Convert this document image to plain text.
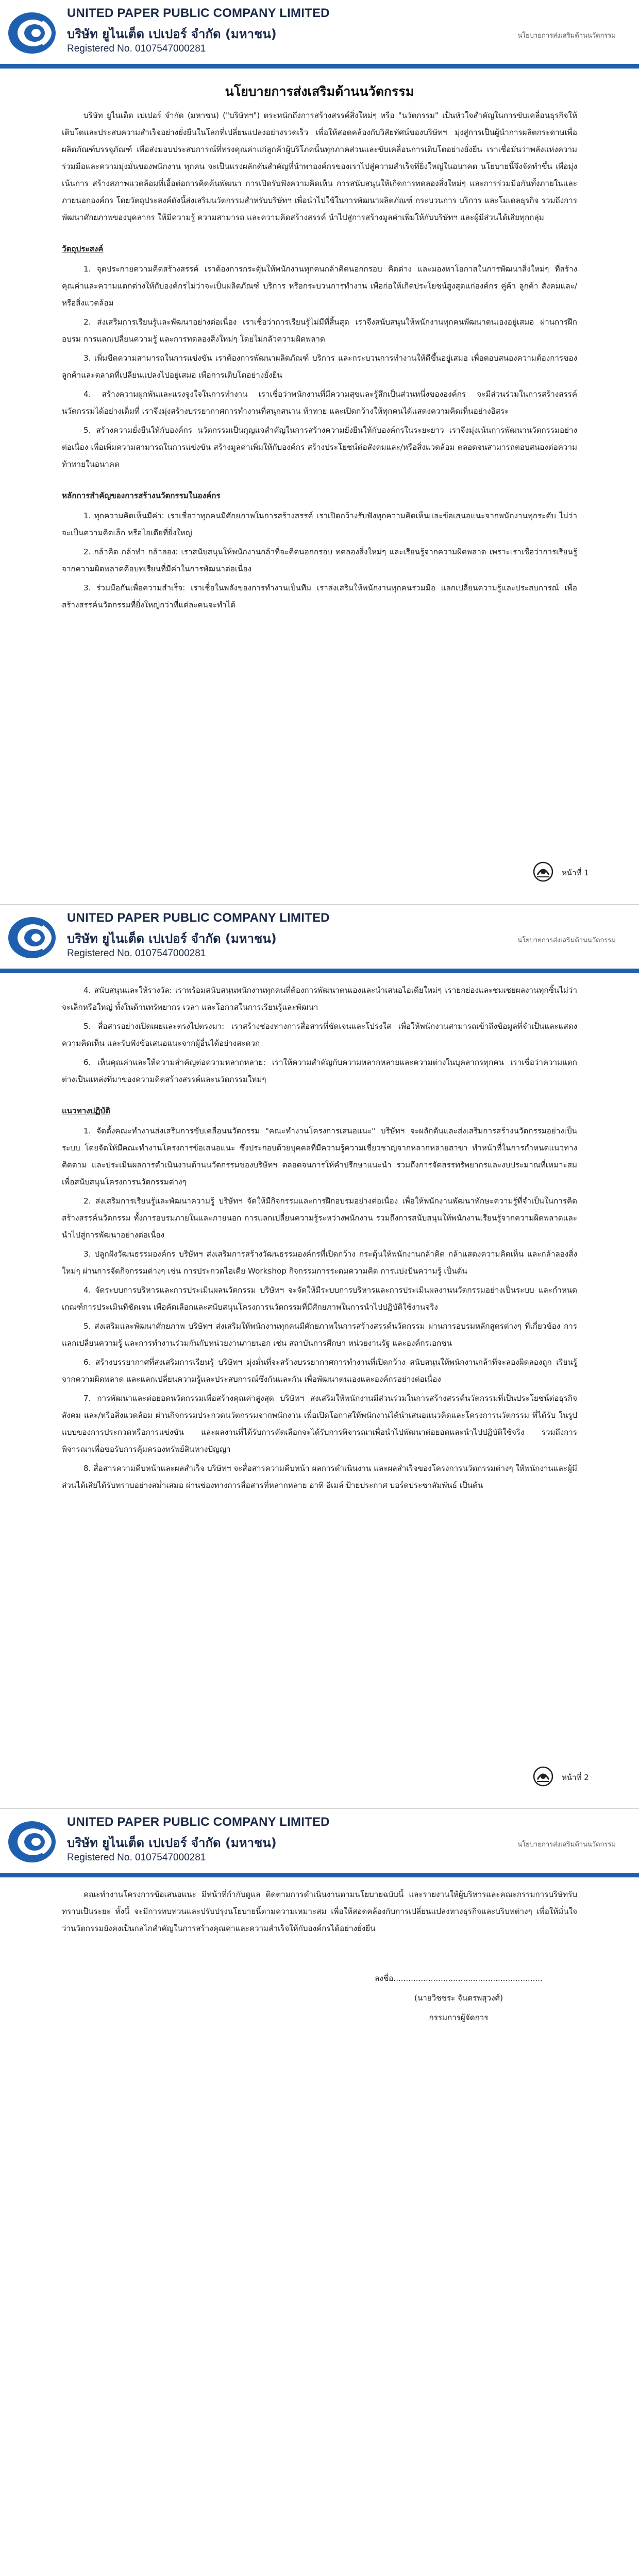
UNITED PAPER PUBLIC COMPANY LIMITED
บริษัท ยูไนเต็ด เปเปอร์ จำกัด (มหาชน)
Registered No. 0107547000281
นโยบายการส่งเสริมด้านนวัตกรรม
นโยบายการส่งเสริมด้านนวัตกรรม

บริษัท ยูไนเต็ด เปเปอร์ จำกัด (มหาชน) ("บริษัทฯ") ตระหนักถึงการสร้างสรรค์สิ่งใหม่ๆ หรือ "นวัตกรรม" เป็นหัวใจสำคัญในการขับเคลื่อนธุรกิจให้เติบโตและประสบความสำเร็จอย่างยั่งยืนในโลกที่เปลี่ยนแปลงอย่างรวดเร็ว เพื่อให้สอดคล้องกับวิสัยทัศน์ของบริษัทฯ มุ่งสู่การเป็นผู้นำการผลิตกระดาษเพื่อผลิตภัณฑ์บรรจุภัณฑ์ เพื่อส่งมอบประสบการณ์ที่ทรงคุณค่าแก่ลูกค้าผู้บริโภคนั้นทุกภาคส่วนและขับเคลื่อนการเติบโตอย่างยั่งยืน เราเชื่อมั่นว่าพลังแห่งความร่วมมือและความมุ่งมั่นของพนักงาน ทุกคน จะเป็นแรงผลักดันสำคัญที่นำพาองค์กรของเราไปสู่ความสำเร็จที่ยิ่งใหญ่ในอนาคต นโยบายนี้จึงจัดทำขึ้น เพื่อมุ่งเน้นการ สร้างสภาพแวดล้อมที่เอื้อต่อการคิดค้นพัฒนา การเปิดรับฟังความคิดเห็น การสนับสนุนให้เกิดการทดลองสิ่งใหม่ๆ และการร่วมมือกันทั้งภายในและภายนอกองค์กร โดยวัตถุประสงค์ดังนี้ส่งเสริมนวัตกรรมสำหรับบริษัทฯ เพื่อนำไปใช้ในการพัฒนาผลิตภัณฑ์ กระบวนการ บริการ และโมเดลธุรกิจ รวมถึงการพัฒนาศักยภาพของบุคลากร ให้มีความรู้ ความสามารถ และความคิดสร้างสรรค์ นำไปสู่การสร้างมูลค่าเพิ่มให้กับบริษัทฯ และผู้มีส่วนได้เสียทุกกลุ่ม

วัตถุประสงค์

1. จุดประกายความคิดสร้างสรรค์ เราต้องการกระตุ้นให้พนักงานทุกคนกล้าคิดนอกกรอบ คิดต่าง และมองหาโอกาสในการพัฒนาสิ่งใหม่ๆ ที่สร้างคุณค่าและความแตกต่างให้กับองค์กรไม่ว่าจะเป็นผลิตภัณฑ์ บริการ หรือกระบวนการทำงาน เพื่อก่อให้เกิดประโยชน์สูงสุดแก่องค์กร คู่ค้า ลูกค้า สังคมและ/หรือสิ่งแวดล้อม

2. ส่งเสริมการเรียนรู้และพัฒนาอย่างต่อเนื่อง เราเชื่อว่าการเรียนรู้ไม่มีที่สิ้นสุด เราจึงสนับสนุนให้พนักงานทุกคนพัฒนาตนเองอยู่เสมอ ผ่านการฝึกอบรม การแลกเปลี่ยนความรู้ และการทดลองสิ่งใหม่ๆ โดยไม่กลัวความผิดพลาด

3. เพิ่มขีดความสามารถในการแข่งขัน เราต้องการพัฒนาผลิตภัณฑ์ บริการ และกระบวนการทำงานให้ดีขึ้นอยู่เสมอ เพื่อตอบสนองความต้องการของลูกค้าและตลาดที่เปลี่ยนแปลงไปอยู่เสมอ เพื่อการเติบโตอย่างยั่งยืน

4. สร้างความผูกพันและแรงจูงใจในการทำงาน เราเชื่อว่าพนักงานที่มีความสุขและรู้สึกเป็นส่วนหนึ่งขององค์กร จะมีส่วนร่วมในการสร้างสรรค์นวัตกรรมได้อย่างเต็มที่ เราจึงมุ่งสร้างบรรยากาศการทำงานที่สนุกสนาน ท้าทาย และเปิดกว้างให้ทุกคนได้แสดงความคิดเห็นอย่างอิสระ

5. สร้างความยั่งยืนให้กับองค์กร นวัตกรรมเป็นกุญแจสำคัญในการสร้างความยั่งยืนให้กับองค์กรในระยะยาว เราจึงมุ่งเน้นการพัฒนานวัตกรรมอย่างต่อเนื่อง เพื่อเพิ่มความสามารถในการแข่งขัน สร้างมูลค่าเพิ่มให้กับองค์กร สร้างประโยชน์ต่อสังคมและ/หรือสิ่งแวดล้อม ตลอดจนสามารถตอบสนองต่อความท้าทายในอนาคต

หลักการสำคัญของการสร้างนวัตกรรมในองค์กร

1. ทุกความคิดเห็นมีค่า: เราเชื่อว่าทุกคนมีศักยภาพในการสร้างสรรค์ เราเปิดกว้างรับฟังทุกความคิดเห็นและข้อเสนอแนะจากพนักงานทุกระดับ ไม่ว่าจะเป็นความคิดเล็ก หรือไอเดียที่ยิ่งใหญ่

2. กล้าคิด กล้าทำ กล้าลอง: เราสนับสนุนให้พนักงานกล้าที่จะคิดนอกกรอบ ทดลองสิ่งใหม่ๆ และเรียนรู้จากความผิดพลาด เพราะเราเชื่อว่าการเรียนรู้จากความผิดพลาดคือบทเรียนที่มีค่าในการพัฒนาต่อเนื่อง

3. ร่วมมือกันเพื่อความสำเร็จ: เราเชื่อในพลังของการทำงานเป็นทีม เราส่งเสริมให้พนักงานทุกคนร่วมมือ แลกเปลี่ยนความรู้และประสบการณ์ เพื่อสร้างสรรค์นวัตกรรมที่ยิ่งใหญ่กว่าที่แต่ละคนจะทำได้

หน้าที่ 1
UNITED PAPER PUBLIC COMPANY LIMITED
บริษัท ยูไนเต็ด เปเปอร์ จำกัด (มหาชน)
Registered No. 0107547000281
นโยบายการส่งเสริมด้านนวัตกรรม

4. สนับสนุนและให้รางวัล: เราพร้อมสนับสนุนพนักงานทุกคนที่ต้องการพัฒนาตนเองและนำเสนอไอเดียใหม่ๆ เรายกย่องและชมเชยผลงานทุกชิ้นไม่ว่าจะเล็กหรือใหญ่ ทั้งในด้านทรัพยากร เวลา และโอกาสในการเรียนรู้และพัฒนา

5. สื่อสารอย่างเปิดเผยและตรงไปตรงมา: เราสร้างช่องทางการสื่อสารที่ชัดเจนและโปร่งใส เพื่อให้พนักงานสามารถเข้าถึงข้อมูลที่จำเป็นและแสดงความคิดเห็น และรับฟังข้อเสนอแนะจากผู้อื่นได้อย่างสะดวก

6. เห็นคุณค่าและให้ความสำคัญต่อความหลากหลาย: เราให้ความสำคัญกับความหลากหลายและความต่างในบุคลากรทุกคน เราเชื่อว่าความแตกต่างเป็นแหล่งที่มาของความคิดสร้างสรรค์และนวัตกรรมใหม่ๆ

แนวทางปฏิบัติ

1. จัดตั้งคณะทำงานส่งเสริมการขับเคลื่อนนวัตกรรม "คณะทำงานโครงการเสนอแนะ" บริษัทฯ จะผลักดันและส่งเสริมการสร้างนวัตกรรมอย่างเป็นระบบ โดยจัดให้มีคณะทำงานโครงการข้อเสนอแนะ ซึ่งประกอบด้วยบุคคลที่มีความรู้ความเชี่ยวชาญจากหลากหลายสาขา ทำหน้าที่ในการกำหนดแนวทาง ติดตาม และประเมินผลการดำเนินงานด้านนวัตกรรมของบริษัทฯ ตลอดจนการให้คำปรึกษาแนะนำ รวมถึงการจัดสรรทรัพยากรและงบประมาณที่เหมาะสมเพื่อสนับสนุนโครงการนวัตกรรมต่างๆ

2. ส่งเสริมการเรียนรู้และพัฒนาความรู้ บริษัทฯ จัดให้มีกิจกรรมและการฝึกอบรมอย่างต่อเนื่อง เพื่อให้พนักงานพัฒนาทักษะความรู้ที่จำเป็นในการคิดสร้างสรรค์นวัตกรรม ทั้งการอบรมภายในและภายนอก การแลกเปลี่ยนความรู้ระหว่างพนักงาน รวมถึงการสนับสนุนให้พนักงานเรียนรู้จากความผิดพลาดและนำไปสู่การพัฒนาอย่างต่อเนื่อง

3. ปลูกฝังวัฒนธรรมองค์กร บริษัทฯ ส่งเสริมการสร้างวัฒนธรรมองค์กรที่เปิดกว้าง กระตุ้นให้พนักงานกล้าคิด กล้าแสดงความคิดเห็น และกล้าลองสิ่งใหม่ๆ ผ่านการจัดกิจกรรมต่างๆ เช่น การประกวดไอเดีย Workshop กิจกรรมการระดมความคิด การแบ่งปันความรู้ เป็นต้น

4. จัดระบบการบริหารและการประเมินผลนวัตกรรม บริษัทฯ จะจัดให้มีระบบการบริหารและการประเมินผลงานนวัตกรรมอย่างเป็นระบบ และกำหนดเกณฑ์การประเมินที่ชัดเจน เพื่อคัดเลือกและสนับสนุนโครงการนวัตกรรมที่มีศักยภาพในการนำไปปฏิบัติใช้งานจริง

5. ส่งเสริมและพัฒนาศักยภาพ บริษัทฯ ส่งเสริมให้พนักงานทุกคนมีศักยภาพในการสร้างสรรค์นวัตกรรม ผ่านการอบรมหลักสูตรต่างๆ ที่เกี่ยวข้อง การแลกเปลี่ยนความรู้ และการทำงานร่วมกันกับหน่วยงานภายนอก เช่น สถาบันการศึกษา หน่วยงานรัฐ และองค์กรเอกชน

6. สร้างบรรยากาศที่ส่งเสริมการเรียนรู้ บริษัทฯ มุ่งมั่นที่จะสร้างบรรยากาศการทำงานที่เปิดกว้าง สนับสนุนให้พนักงานกล้าที่จะลองผิดลองถูก เรียนรู้จากความผิดพลาด และแลกเปลี่ยนความรู้และประสบการณ์ซึ่งกันและกัน เพื่อพัฒนาตนเองและองค์กรอย่างต่อเนื่อง

7. การพัฒนาและต่อยอดนวัตกรรมเพื่อสร้างคุณค่าสูงสุด บริษัทฯ ส่งเสริมให้พนักงานมีส่วนร่วมในการสร้างสรรค์นวัตกรรมที่เป็นประโยชน์ต่อธุรกิจ สังคม และ/หรือสิ่งแวดล้อม ผ่านกิจกรรมประกวดนวัตกรรมจากพนักงาน เพื่อเปิดโอกาสให้พนักงานได้นำเสนอแนวคิดและโครงการนวัตกรรม ที่ได้รับ ในรูปแบบของการประกวดหรือการแข่งขัน และผลงานที่ได้รับการคัดเลือกจะได้รับการพิจารณาเพื่อนำไปพัฒนาต่อยอดและนำไปปฏิบัติใช้จริง รวมถึงการพิจารณาเพื่อขอรับการคุ้มครองทรัพย์สินทางปัญญา

8. สื่อสารความคืบหน้าและผลสำเร็จ บริษัทฯ จะสื่อสารความคืบหน้า ผลการดำเนินงาน และผลสำเร็จของโครงการนวัตกรรมต่างๆ ให้พนักงานและผู้มีส่วนได้เสียได้รับทราบอย่างสม่ำเสมอ ผ่านช่องทางการสื่อสารที่หลากหลาย อาทิ อีเมล์ ป้ายประกาศ บอร์ดประชาสัมพันธ์ เป็นต้น

หน้าที่ 2
UNITED PAPER PUBLIC COMPANY LIMITED
บริษัท ยูไนเต็ด เปเปอร์ จำกัด (มหาชน)
Registered No. 0107547000281
นโยบายการส่งเสริมด้านนวัตกรรม

คณะทำงานโครงการข้อเสนอแนะ มีหน้าที่กำกับดูแล ติดตามการดำเนินงานตามนโยบายฉบับนี้ และรายงานให้ผู้บริหารและคณะกรรมการบริษัทรับทราบเป็นระยะ ทั้งนี้ จะมีการทบทวนและปรับปรุงนโยบายนี้ตามความเหมาะสม เพื่อให้สอดคล้องกับการเปลี่ยนแปลงทางธุรกิจและบริบทต่างๆ เพื่อให้มั่นใจว่านวัตกรรมยังคงเป็นกลไกสำคัญในการสร้างคุณค่าและความสำเร็จให้กับองค์กรได้อย่างยั่งยืน

ลงชื่อ............................................................
(นายวิชชระ จันตรพสุวงศ์)
กรรมการผู้จัดการ
